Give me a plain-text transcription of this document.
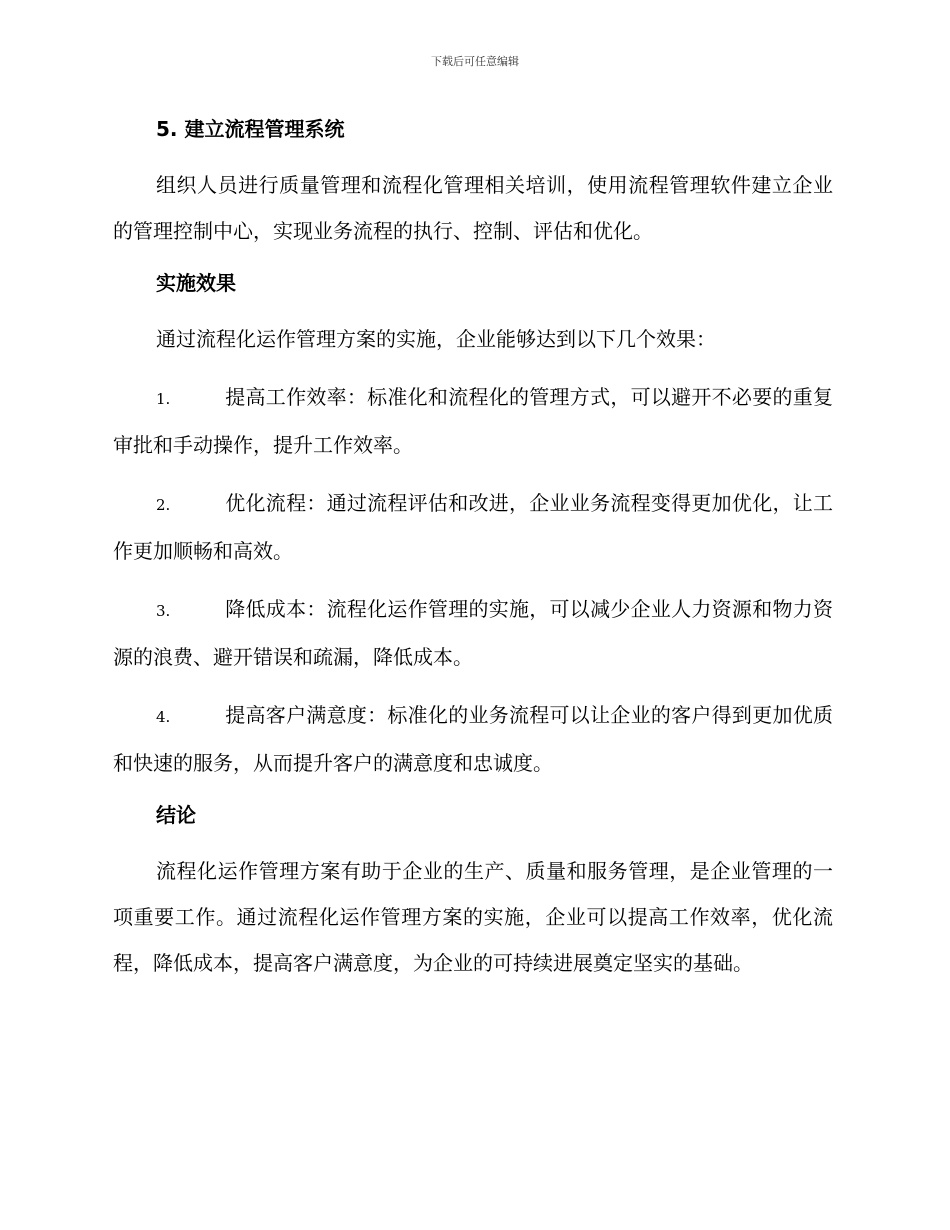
下载后可任意编辑
5. 建立流程管理系统
组织人员进行质量管理和流程化管理相关培训，使用流程管理软件建立企业的管理控制中心，实现业务流程的执行、控制、评估和优化。
实施效果
通过流程化运作管理方案的实施，企业能够达到以下几个效果：
1.	提高工作效率：标准化和流程化的管理方式，可以避开不必要的重复审批和手动操作，提升工作效率。
2.	优化流程：通过流程评估和改进，企业业务流程变得更加优化，让工作更加顺畅和高效。
3.	降低成本：流程化运作管理的实施，可以减少企业人力资源和物力资源的浪费、避开错误和疏漏，降低成本。
4.	提高客户满意度：标准化的业务流程可以让企业的客户得到更加优质和快速的服务，从而提升客户的满意度和忠诚度。
结论
流程化运作管理方案有助于企业的生产、质量和服务管理，是企业管理的一项重要工作。通过流程化运作管理方案的实施，企业可以提高工作效率，优化流程，降低成本，提高客户满意度，为企业的可持续进展奠定坚实的基础。
